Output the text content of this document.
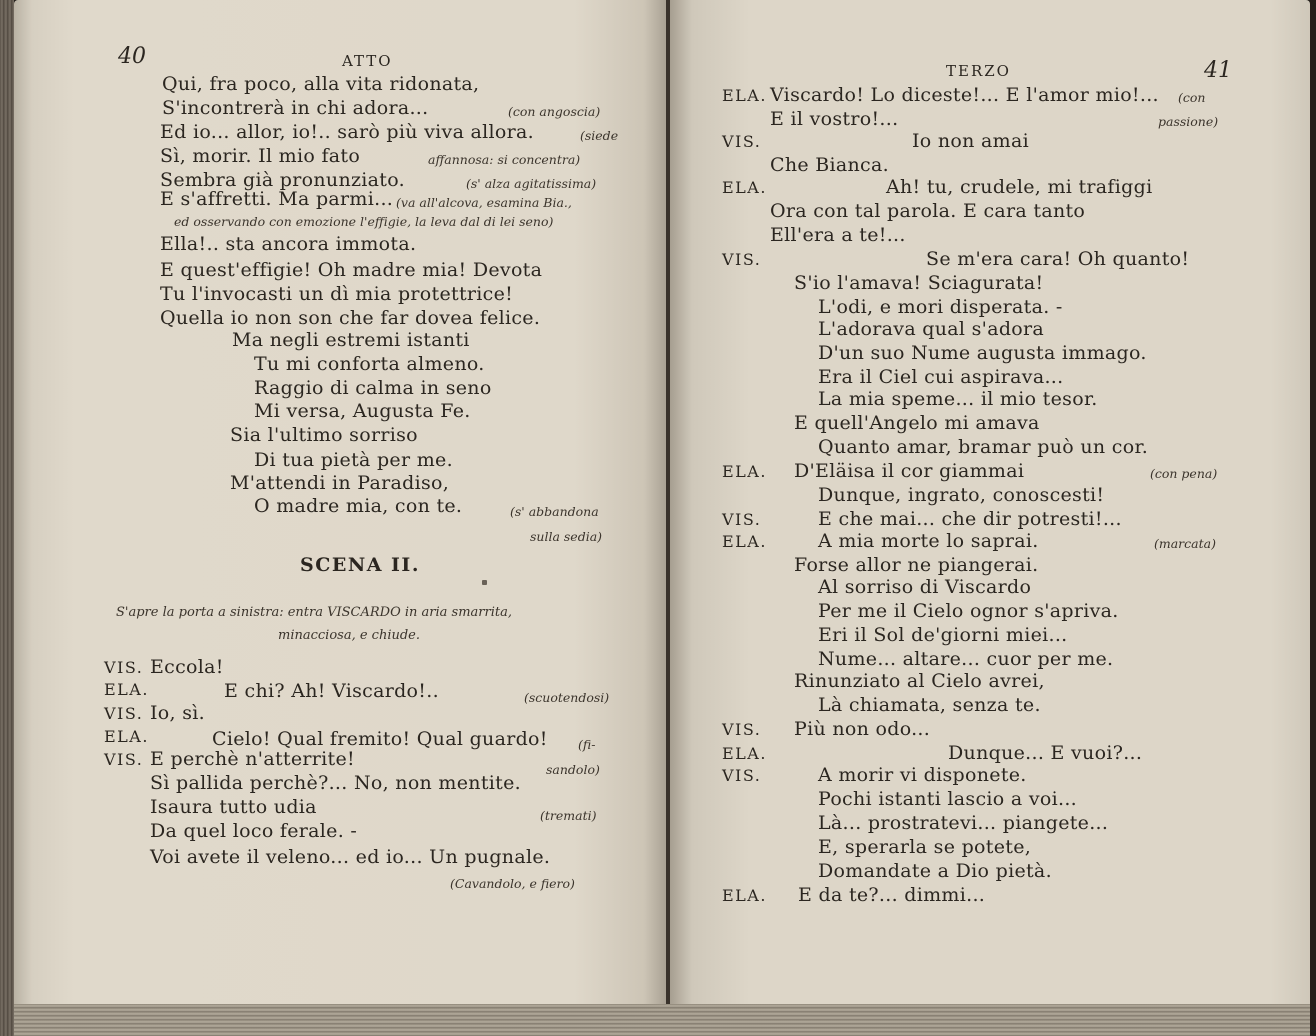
40	ATTO
Qui, fra poco, alla vita ridonata,
S'incontrerà in chi adora...	(con angoscia)
Ed io... allor, io!.. sarò più viva allora.	(siede
Sì, morir. Il mio fato	affannosa: si concentra)
Sembra già pronunziato.	(s' alza agitatissima)
E s'affretti. Ma parmi... (va all'alcova, esamina Bia.,
ed osservando con emozione l'effigie, la leva dal di lei seno)
Ella!.. sta ancora immota.
E quest'effigie! Oh madre mia! Devota
Tu l'invocasti un dì mia protettrice!
Quella io non son che far dovea felice.
Ma negli estremi istanti
Tu mi conforta almeno.
Raggio di calma in seno
Mi versa, Augusta Fe.
Sia l'ultimo sorriso
Di tua pietà per me.
M'attendi in Paradiso,
O madre mia, con te.	(s' abbandona
sulla sedia)
SCENA II.
S'apre la porta a sinistra: entra VISCARDO in aria smarrita,
minacciosa, e chiude.
VIS. Eccola!
ELA.	E chi? Ah! Viscardo!..	(scuotendosi)
VIS. Io, sì.
ELA.	Cielo! Qual fremito! Qual guardo! (fi-
VIS. E perchè n'atterrite!	sandolo)
Sì pallida perchè?... No, non mentite.
Isaura tutto udia	(tremati)
Da quel loco ferale. -
Voi avete il veleno... ed io... Un pugnale.
(Cavandolo, e fiero)
TERZO	41
ELA. Viscardo! Lo diceste!... E l'amor mio!... (con
E il vostro!...	passione)
VIS.	Io non amai
Che Bianca.
ELA.	Ah! tu, crudele, mi trafiggi
Ora con tal parola. E cara tanto
Ell'era a te!...
VIS.	Se m'era cara! Oh quanto!
S'io l'amava! Sciagurata!
L'odi, e mori disperata. -
L'adorava qual s'adora
D'un suo Nume augusta immago.
Era il Ciel cui aspirava...
La mia speme... il mio tesor.
E quell'Angelo mi amava
Quanto amar, bramar può un cor.
ELA. D'Eläisa il cor giammai	(con pena)
Dunque, ingrato, conoscesti!
VIS.	E che mai... che dir potresti!...
ELA.	A mia morte lo saprai.	(marcata)
Forse allor ne piangerai.
Al sorriso di Viscardo
Per me il Cielo ognor s'apriva.
Eri il Sol de'giorni miei...
Nume... altare... cuor per me.
Rinunziato al Cielo avrei,
Là chiamata, senza te.
VIS. Più non odo...
ELA.	Dunque... E vuoi?...
VIS.	A morir vi disponete.
Pochi istanti lascio a voi...
Là... prostratevi... piangete...
E, sperarla se potete,
Domandate a Dio pietà.
ELA. E da te?... dimmi...
